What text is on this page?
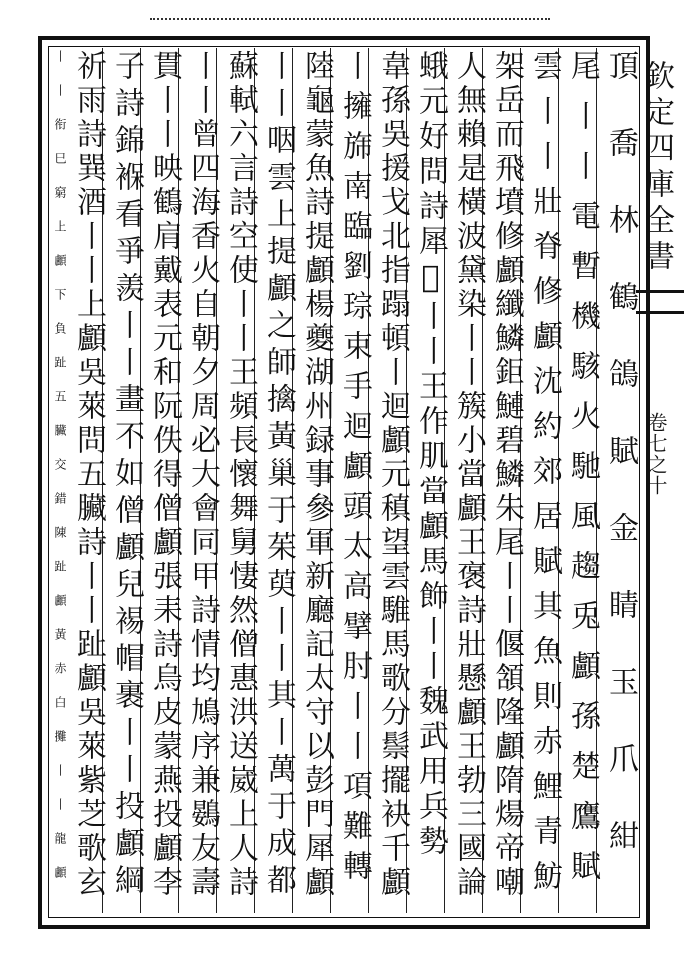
欽定四庫全書
卷七之十
頂喬林鶴鴿賦金睛玉爪紺
尾丨丨電暫機駭火馳風趨兎顱孫楚鷹賦
雲丨丨壯脊修顱沈約郊居賦其魚則赤鯉青魴
架岳而飛墳修顱纖鱗鉅鰱碧鱗朱尾丨丨偃頷隆顱隋煬帝嘲
人無賴是橫波黛染丨丨簇小當顱王褒詩壯懸顱王勃三國論
蛾元好問詩犀𤝂丨丨王作肌當顱馬飾丨丨魏武用兵勢
韋孫吳援戈北指蹋頓丨迴顱元稹望雲騅馬歌分鬃擺袂千顱
丨擁旆南臨劉琮束手迴顱頭太高擘肘丨丨項難轉
陸龜蒙魚詩提顱楊夔湖州録事參軍新廳記太守以彭門犀顱
丨丨咽雲上提顱之師擒黃巢于茱萸丨丨其丨萬于成都
蘇軾六言詩空使丨丨王頻長懷舞舅悽然僧惠洪送崴上人詩
丨丨曾四海香火自朝夕周必大會同甲詩情均鳩序兼鷃友壽
貫丨丨映鶴肩戴表元和阮佚得僧顱張耒詩烏皮蒙燕投顱李
子詩錦褓看爭羨丨丨畫不如僧顱兒裼帽裹丨丨投顱綱
祈雨詩巽酒丨丨上顱吳萊問五臟詩丨丨趾顱吳萊紫芝歌玄
丨丨衔巳窮上顱下負趾五臟交錯陳趾顱黃赤白攤丨丨龍顱
